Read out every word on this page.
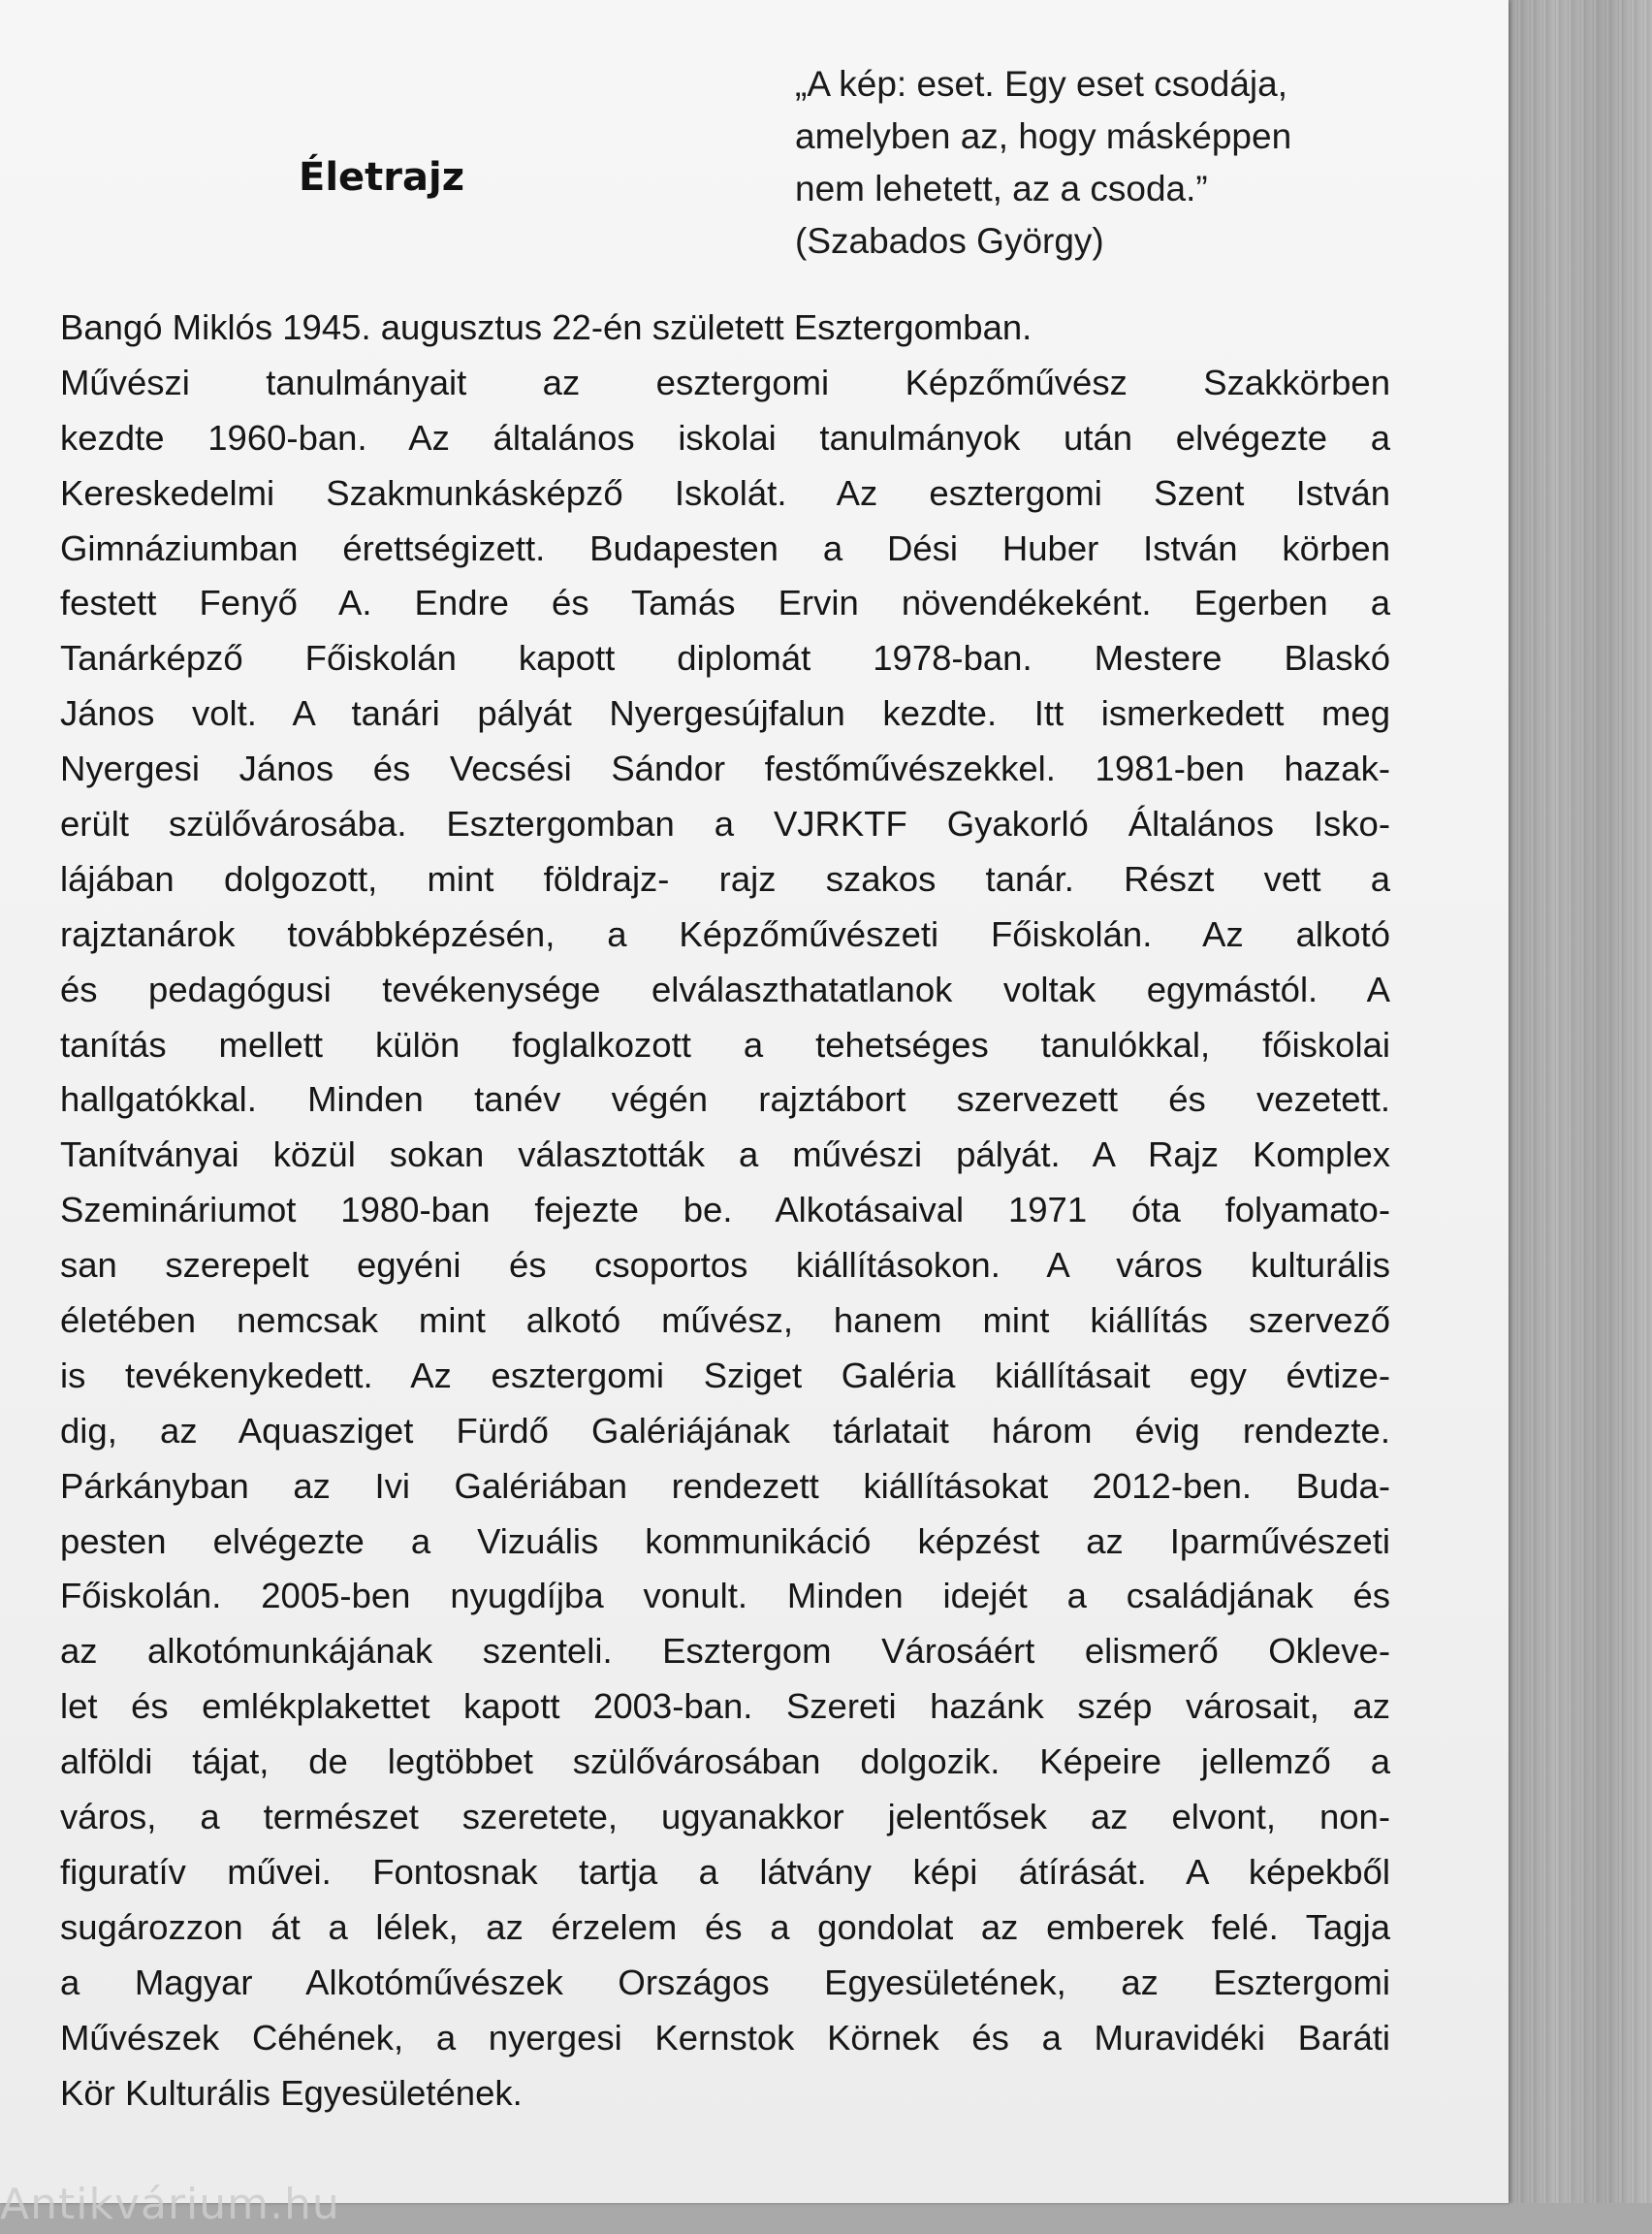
Életrajz
„A kép: eset. Egy eset csodája,
amelyben az, hogy másképpen
nem lehetett, az a csoda.”
(Szabados György)
Bangó Miklós 1945. augusztus 22-én született Esztergomban.
Művészi tanulmányait az esztergomi Képzőművész Szakkörben
kezdte 1960-ban. Az általános iskolai tanulmányok után elvégezte a
Kereskedelmi Szakmunkásképző Iskolát. Az esztergomi Szent István
Gimnáziumban érettségizett. Budapesten a Dési Huber István körben
festett Fenyő A. Endre és Tamás Ervin növendékeként. Egerben a
Tanárképző Főiskolán kapott diplomát 1978-ban. Mestere Blaskó
János volt. A tanári pályát Nyergesújfalun kezdte. Itt ismerkedett meg
Nyergesi János és Vecsési Sándor festőművészekkel. 1981-ben hazak-
erült szülővárosába. Esztergomban a VJRKTF Gyakorló Általános Isko-
lájában dolgozott, mint földrajz- rajz szakos tanár. Részt vett a
rajztanárok továbbképzésén, a Képzőművészeti Főiskolán. Az alkotó
és pedagógusi tevékenysége elválaszthatatlanok voltak egymástól. A
tanítás mellett külön foglalkozott a tehetséges tanulókkal, főiskolai
hallgatókkal. Minden tanév végén rajztábort szervezett és vezetett.
Tanítványai közül sokan választották a művészi pályát. A Rajz Komplex
Szemináriumot 1980-ban fejezte be. Alkotásaival 1971 óta folyamato-
san szerepelt egyéni és csoportos kiállításokon. A város kulturális
életében nemcsak mint alkotó művész, hanem mint kiállítás szervező
is tevékenykedett. Az esztergomi Sziget Galéria kiállításait egy évtize-
dig, az Aquasziget Fürdő Galériájának tárlatait három évig rendezte.
Párkányban az Ivi Galériában rendezett kiállításokat 2012-ben. Buda-
pesten elvégezte a Vizuális kommunikáció képzést az Iparművészeti
Főiskolán. 2005-ben nyugdíjba vonult. Minden idejét a családjának és
az alkotómunkájának szenteli. Esztergom Városáért elismerő Okleve-
let és emlékplakettet kapott 2003-ban. Szereti hazánk szép városait, az
alföldi tájat, de legtöbbet szülővárosában dolgozik. Képeire jellemző a
város, a természet szeretete, ugyanakkor jelentősek az elvont, non-
figuratív művei. Fontosnak tartja a látvány képi átírását. A képekből
sugározzon át a lélek, az érzelem és a gondolat az emberek felé. Tagja
a Magyar Alkotóművészek Országos Egyesületének, az Esztergomi
Művészek Céhének, a nyergesi Kernstok Körnek és a Muravidéki Baráti
Kör Kulturális Egyesületének.
Antikvárium.hu
